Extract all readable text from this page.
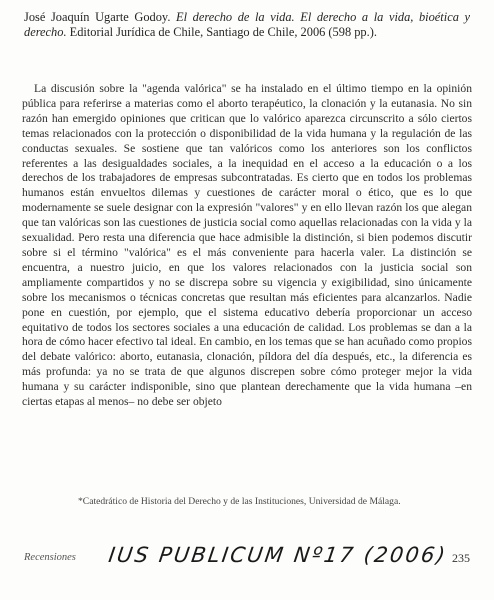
José Joaquín Ugarte Godoy. El derecho de la vida. El derecho a la vida, bioética y derecho. Editorial Jurídica de Chile, Santiago de Chile, 2006 (598 pp.).
La discusión sobre la "agenda valórica" se ha instalado en el último tiempo en la opinión pública para referirse a materias como el aborto terapéutico, la clonación y la eutanasia. No sin razón han emergido opiniones que critican que lo valórico aparezca circunscrito a sólo ciertos temas relacionados con la protección o disponibilidad de la vida humana y la regulación de las conductas sexuales. Se sostiene que tan valóricos como los anteriores son los conflictos referentes a las desigualdades sociales, a la inequidad en el acceso a la educación o a los derechos de los trabajadores de empresas subcontratadas. Es cierto que en todos los problemas humanos están envueltos dilemas y cuestiones de carácter moral o ético, que es lo que modernamente se suele designar con la expresión "valores" y en ello llevan razón los que alegan que tan valóricas son las cuestiones de justicia social como aquellas relacionadas con la vida y la sexualidad. Pero resta una diferencia que hace admisible la distinción, si bien podemos discutir sobre si el término "valórica" es el más conveniente para hacerla valer. La distinción se encuentra, a nuestro juicio, en que los valores relacionados con la justicia social son ampliamente compartidos y no se discrepa sobre su vigencia y exigibilidad, sino únicamente sobre los mecanismos o técnicas concretas que resultan más eficientes para alcanzarlos. Nadie pone en cuestión, por ejemplo, que el sistema educativo debería proporcionar un acceso equitativo de todos los sectores sociales a una educación de calidad. Los problemas se dan a la hora de cómo hacer efectivo tal ideal. En cambio, en los temas que se han acuñado como propios del debate valórico: aborto, eutanasia, clonación, píldora del día después, etc., la diferencia es más profunda: ya no se trata de que algunos discrepen sobre cómo proteger mejor la vida humana y su carácter indisponible, sino que plantean derechamente que la vida humana –en ciertas etapas al menos– no debe ser objeto
*Catedrático de Historia del Derecho y de las Instituciones, Universidad de Málaga.
Recensiones IUS PUBLICUM Nº17 (2006) 235
